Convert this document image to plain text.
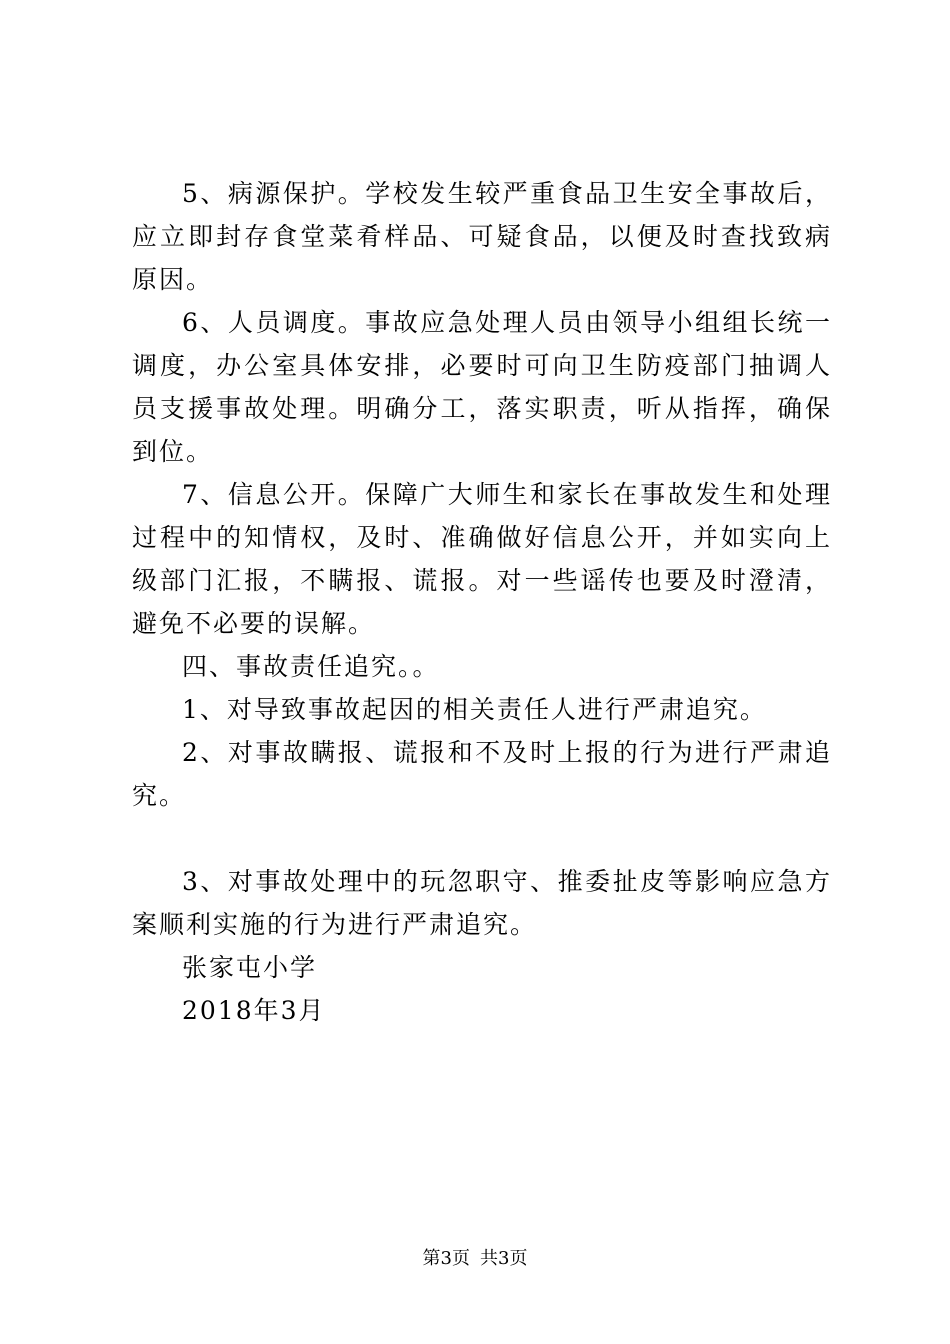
5、病源保护。学校发生较严重食品卫生安全事故后，应立即封存食堂菜肴样品、可疑食品，以便及时查找致病原因。

6、人员调度。事故应急处理人员由领导小组组长统一调度，办公室具体安排，必要时可向卫生防疫部门抽调人员支援事故处理。明确分工，落实职责，听从指挥，确保到位。

7、信息公开。保障广大师生和家长在事故发生和处理过程中的知情权，及时、准确做好信息公开，并如实向上级部门汇报，不瞒报、谎报。对一些谣传也要及时澄清，避免不必要的误解。

四、事故责任追究。。

1、对导致事故起因的相关责任人进行严肃追究。

2、对事故瞒报、谎报和不及时上报的行为进行严肃追究。

3、对事故处理中的玩忽职守、推委扯皮等影响应急方案顺利实施的行为进行严肃追究。

张家屯小学

2018年3月

第3页 共3页
